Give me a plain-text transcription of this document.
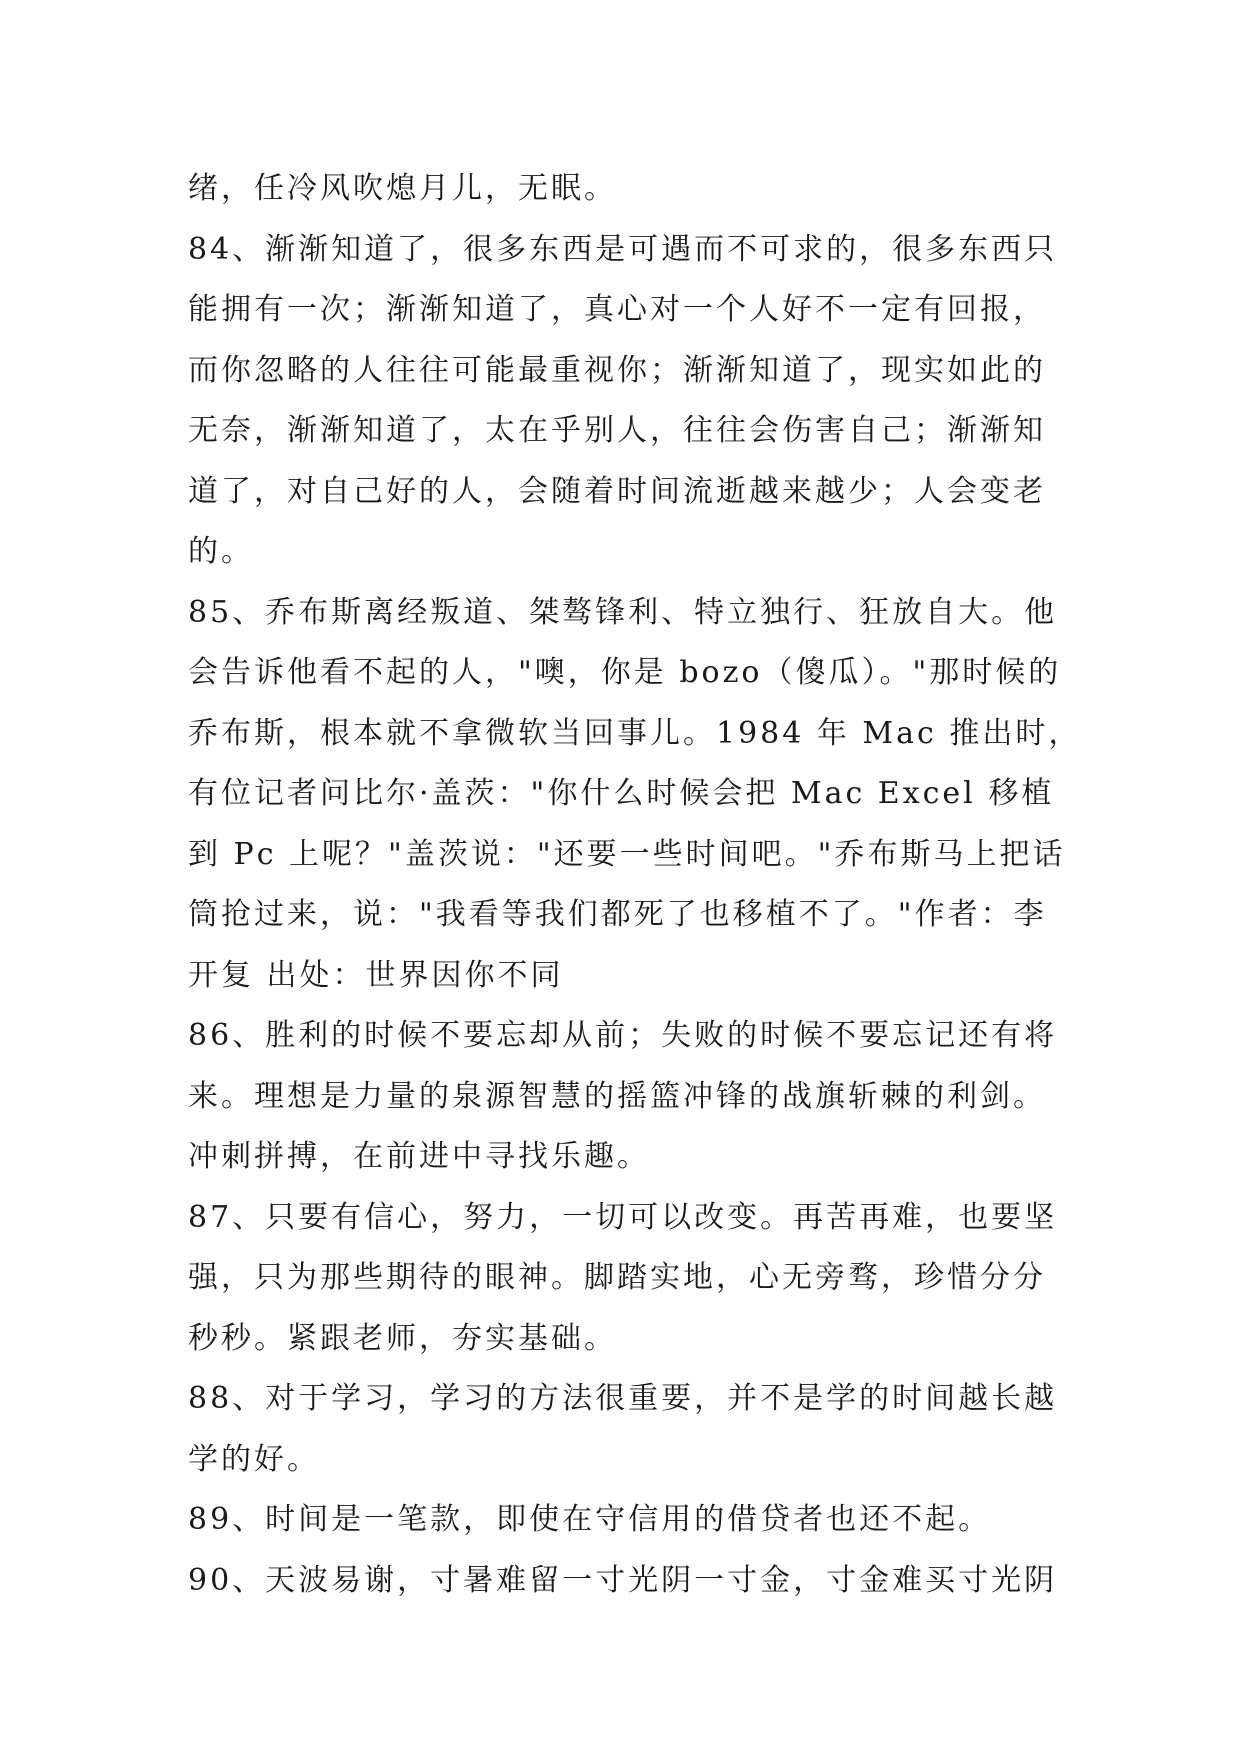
绪，任冷风吹熄月儿，无眠。
84、渐渐知道了，很多东西是可遇而不可求的，很多东西只
能拥有一次；渐渐知道了，真心对一个人好不一定有回报，
而你忽略的人往往可能最重视你；渐渐知道了，现实如此的
无奈，渐渐知道了，太在乎别人，往往会伤害自己；渐渐知
道了，对自己好的人，会随着时间流逝越来越少；人会变老
的。
85、乔布斯离经叛道、桀骜锋利、特立独行、狂放自大。他
会告诉他看不起的人，"噢，你是 bozo（傻瓜）。"那时候的
乔布斯，根本就不拿微软当回事儿。1984 年 Mac 推出时，
有位记者问比尔·盖茨："你什么时候会把 Mac Excel 移植
到 Pc 上呢？"盖茨说："还要一些时间吧。"乔布斯马上把话
筒抢过来，说："我看等我们都死了也移植不了。"作者：李
开复 出处：世界因你不同
86、胜利的时候不要忘却从前；失败的时候不要忘记还有将
来。理想是力量的泉源智慧的摇篮冲锋的战旗斩棘的利剑。
冲刺拼搏，在前进中寻找乐趣。
87、只要有信心，努力，一切可以改变。再苦再难，也要坚
强，只为那些期待的眼神。脚踏实地，心无旁骛，珍惜分分
秒秒。紧跟老师，夯实基础。
88、对于学习，学习的方法很重要，并不是学的时间越长越
学的好。
89、时间是一笔款，即使在守信用的借贷者也还不起。
90、天波易谢，寸暑难留一寸光阴一寸金，寸金难买寸光阴
